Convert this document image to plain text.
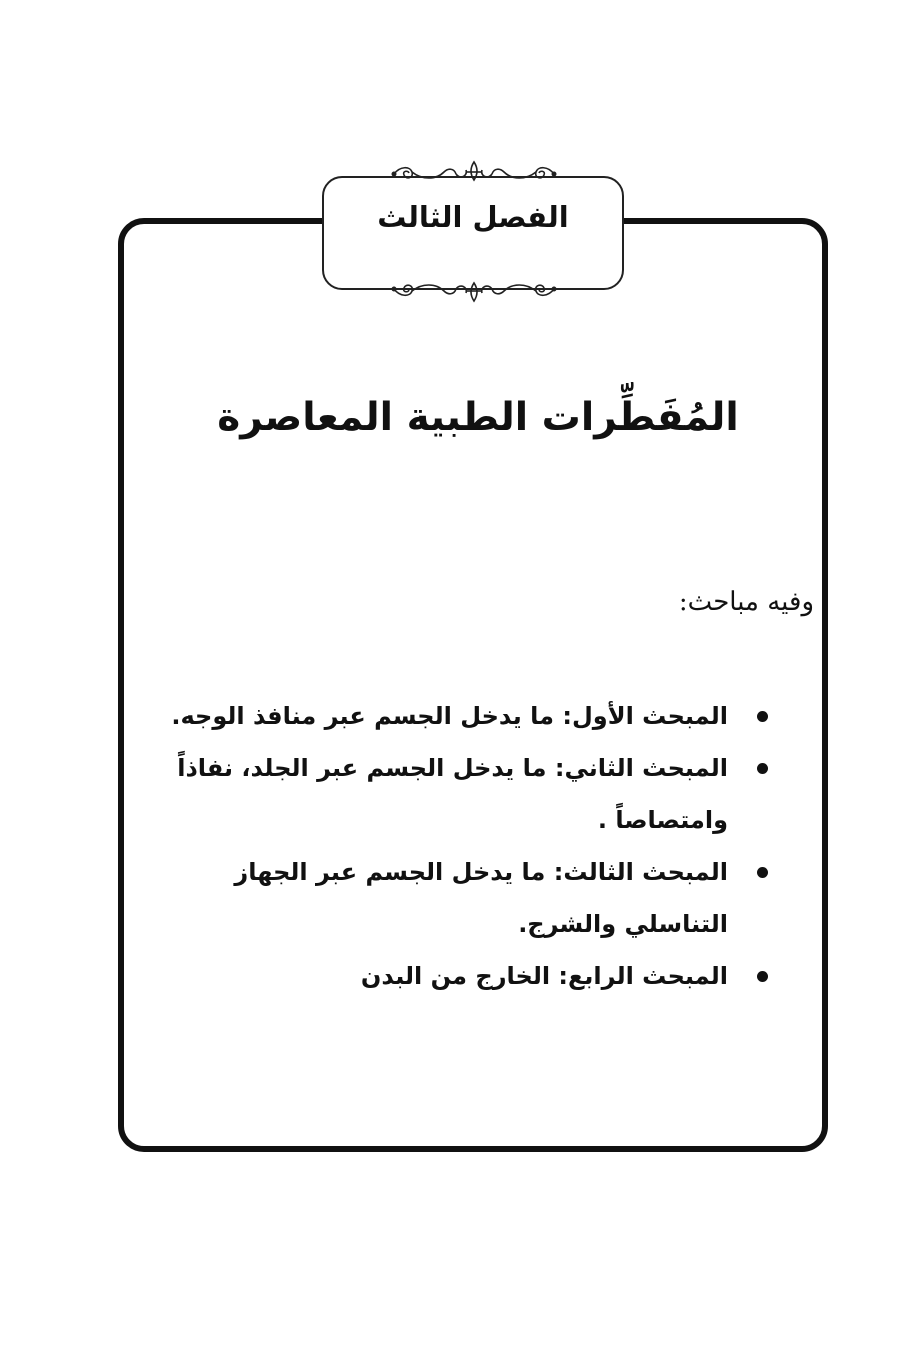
الفصل الثالث
المُفَطِّرات الطبية المعاصرة
وفيه مباحث:
المبحث الأول: ما يدخل الجسم عبر منافذ الوجه.
المبحث الثاني: ما يدخل الجسم عبر الجلد، نفاذاً وامتصاصاً .
المبحث الثالث: ما يدخل الجسم عبر الجهاز التناسلي والشرج.
المبحث الرابع: الخارج من البدن
